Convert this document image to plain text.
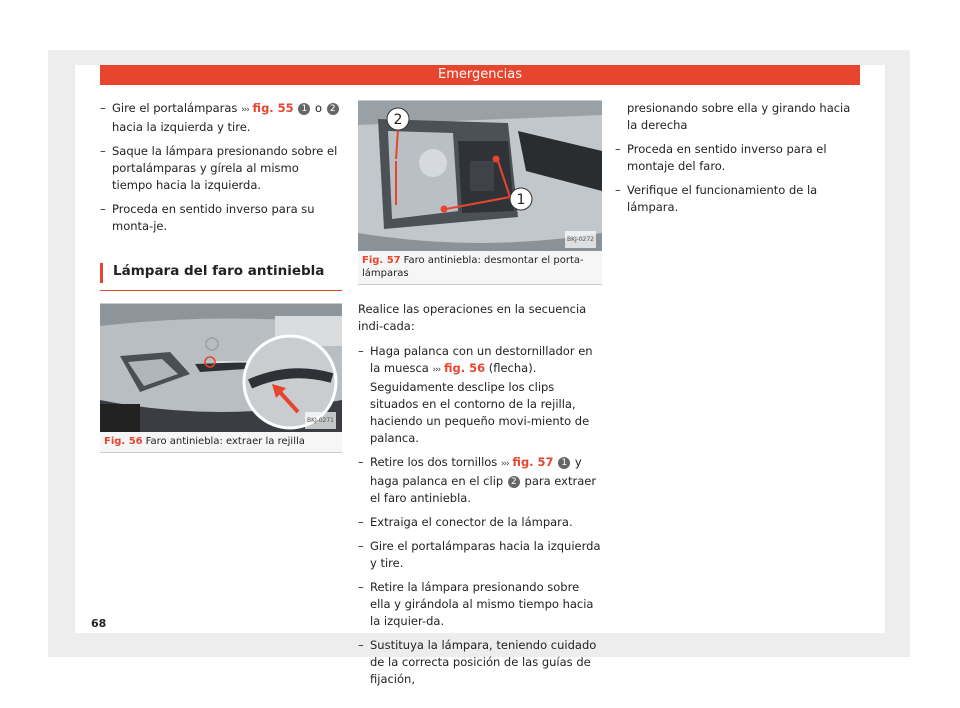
Emergencias
– Gire el portalámparas ››› fig. 55 1 o 2 hacia la izquierda y tire.
– Saque la lámpara presionando sobre el portalámparas y gírela al mismo tiempo hacia la izquierda.
– Proceda en sentido inverso para su monta-je.
Lámpara del faro antiniebla
BKJ-0271
Fig. 56 Faro antiniebla: extraer la rejilla
1
2
BKJ-0272
Fig. 57 Faro antiniebla: desmontar el porta-lámparas
Realice las operaciones en la secuencia indi-cada:
– Haga palanca con un destornillador en la muesca ››› fig. 56 (flecha). Seguidamente desclipe los clips situados en el contorno de la rejilla, haciendo un pequeño movi-miento de palanca.
– Retire los dos tornillos ››› fig. 57 1 y haga palanca en el clip 2 para extraer el faro antiniebla.
– Extraiga el conector de la lámpara.
– Gire el portalámparas hacia la izquierda y tire.
– Retire la lámpara presionando sobre ella y girándola al mismo tiempo hacia la izquier-da.
– Sustituya la lámpara, teniendo cuidado de la correcta posición de las guías de fijación,
presionando sobre ella y girando hacia la derecha
– Proceda en sentido inverso para el montaje del faro.
– Verifique el funcionamiento de la lámpara.
68
